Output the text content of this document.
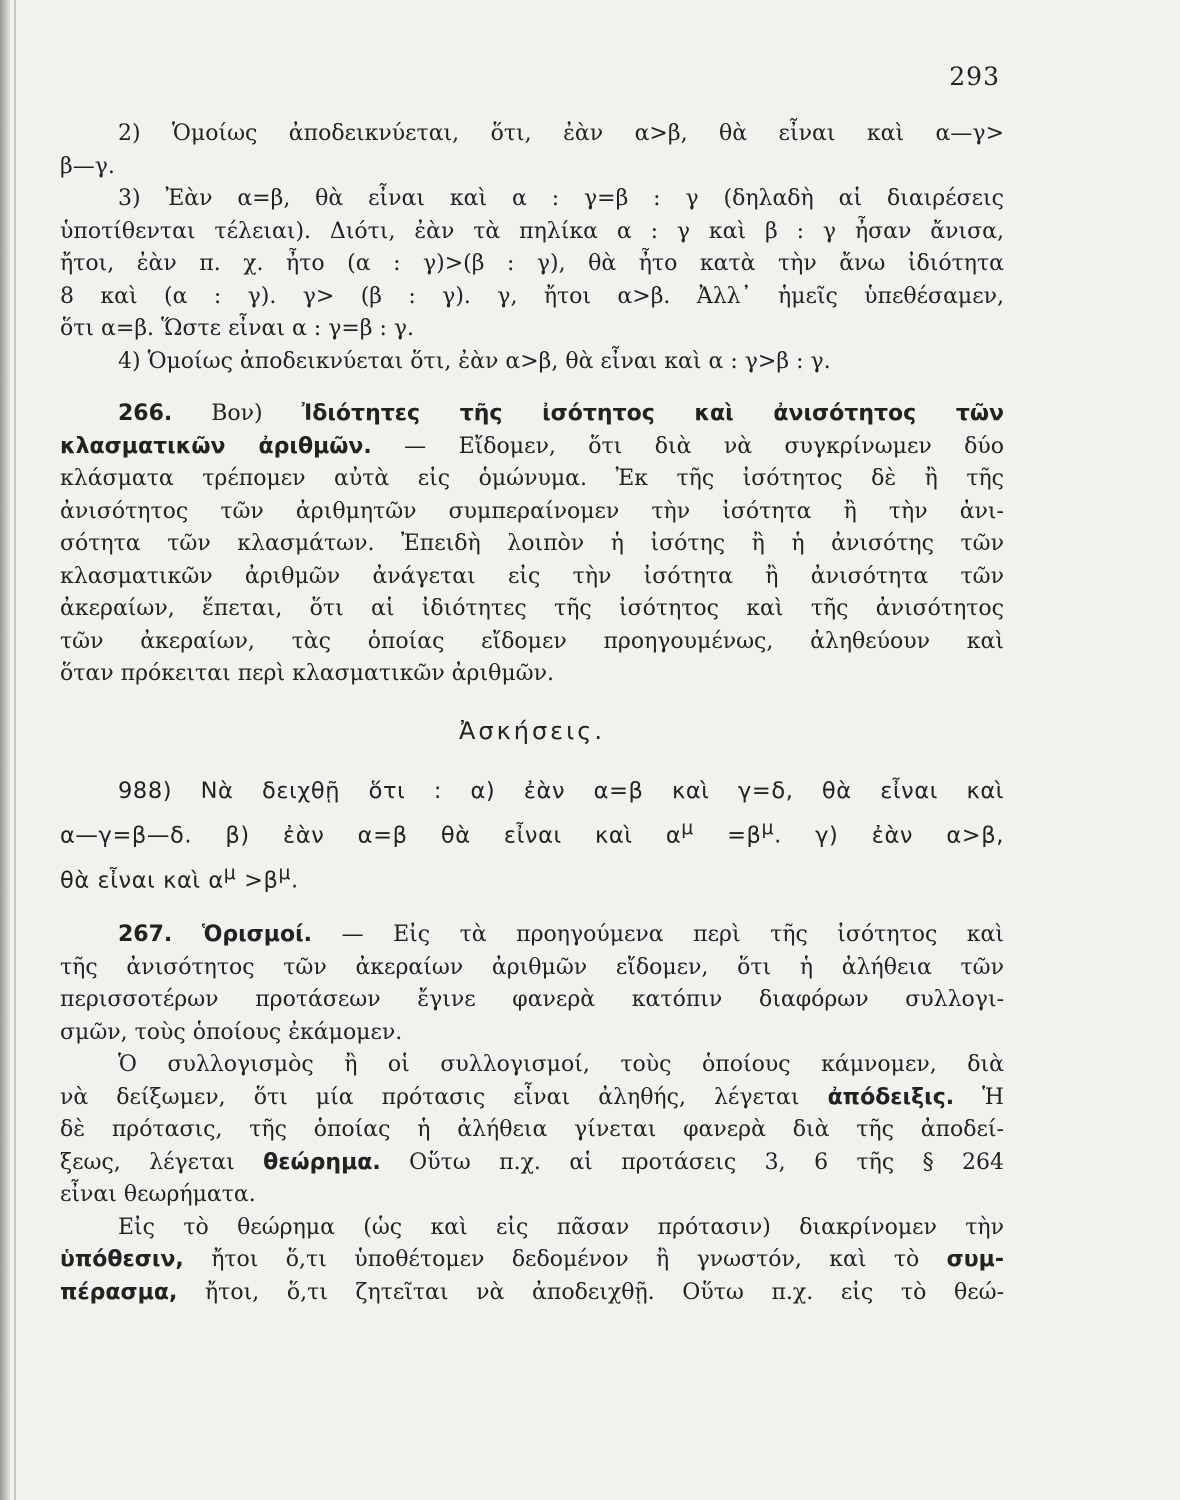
293
2) Ὁμοίως ἀποδεικνύεται, ὅτι, ἐὰν α>β, θὰ εἶναι καὶ α—γ>
β—γ.
3) Ἐὰν α=β, θὰ εἶναι καὶ α : γ=β : γ (δηλαδὴ αἱ διαιρέσεις
ὑποτίθενται τέλειαι). Διότι, ἐὰν τὰ πηλίκα α : γ καὶ β : γ ἦσαν ἄνισα,
ἤτοι, ἐὰν π. χ. ἦτο (α : γ)>(β : γ), θὰ ἦτο κατὰ τὴν ἄνω ἰδιότητα
8 καὶ (α : γ). γ> (β : γ). γ, ἤτοι α>β. Ἀλλ᾽ ἡμεῖς ὑπεθέσαμεν,
ὅτι α=β. Ὥστε εἶναι α : γ=β : γ.
4) Ὁμοίως ἀποδεικνύεται ὅτι, ἐὰν α>β, θὰ εἶναι καὶ α : γ>β : γ.
266. Βον) Ἰδιότητες τῆς ἰσότητος καὶ ἀνισότητος τῶν
κλασματικῶν ἀριθμῶν. — Εἴδομεν, ὅτι διὰ νὰ συγκρίνωμεν δύο
κλάσματα τρέπομεν αὐτὰ εἰς ὁμώνυμα. Ἐκ τῆς ἰσότητος δὲ ἢ τῆς
ἀνισότητος τῶν ἀριθμητῶν συμπεραίνομεν τὴν ἰσότητα ἢ τὴν ἀνι-
σότητα τῶν κλασμάτων. Ἐπειδὴ λοιπὸν ἡ ἰσότης ἢ ἡ ἀνισότης τῶν
κλασματικῶν ἀριθμῶν ἀνάγεται εἰς τὴν ἰσότητα ἢ ἀνισότητα τῶν
ἀκεραίων, ἕπεται, ὅτι αἱ ἰδιότητες τῆς ἰσότητος καὶ τῆς ἀνισότητος
τῶν ἀκεραίων, τὰς ὁποίας εἴδομεν προηγουμένως, ἀληθεύουν καὶ
ὅταν πρόκειται περὶ κλασματικῶν ἀριθμῶν.
Ἀσκήσεις.
988) Νὰ δειχθῇ ὅτι : α) ἐὰν α=β καὶ γ=δ, θὰ εἶναι καὶ
α—γ=β—δ. β) ἐὰν α=β θὰ εἶναι καὶ $\alpha^\mu =\beta^\mu$. γ) ἐὰν α>β,
θὰ εἶναι καὶ $\alpha^\mu >\beta^\mu$.
267. Ὁρισμοί. — Εἰς τὰ προηγούμενα περὶ τῆς ἰσότητος καὶ
τῆς ἀνισότητος τῶν ἀκεραίων ἀριθμῶν εἴδομεν, ὅτι ἡ ἀλήθεια τῶν
περισσοτέρων προτάσεων ἔγινε φανερὰ κατόπιν διαφόρων συλλογι-
σμῶν, τοὺς ὁποίους ἐκάμομεν.
Ὁ συλλογισμὸς ἢ οἱ συλλογισμοί, τοὺς ὁποίους κάμνομεν, διὰ
νὰ δείξωμεν, ὅτι μία πρότασις εἶναι ἀληθής, λέγεται ἀπόδειξις. Ἡ
δὲ πρότασις, τῆς ὁποίας ἡ ἀλήθεια γίνεται φανερὰ διὰ τῆς ἀποδεί-
ξεως, λέγεται θεώρημα. Οὕτω π.χ. αἱ προτάσεις 3, 6 τῆς § 264
εἶναι θεωρήματα.
Εἰς τὸ θεώρημα (ὡς καὶ εἰς πᾶσαν πρότασιν) διακρίνομεν τὴν
ὑπόθεσιν, ἤτοι ὅ,τι ὑποθέτομεν δεδομένον ἢ γνωστόν, καὶ τὸ συμ-
πέρασμα, ἤτοι, ὅ,τι ζητεῖται νὰ ἀποδειχθῇ. Οὕτω π.χ. εἰς τὸ θεώ-
